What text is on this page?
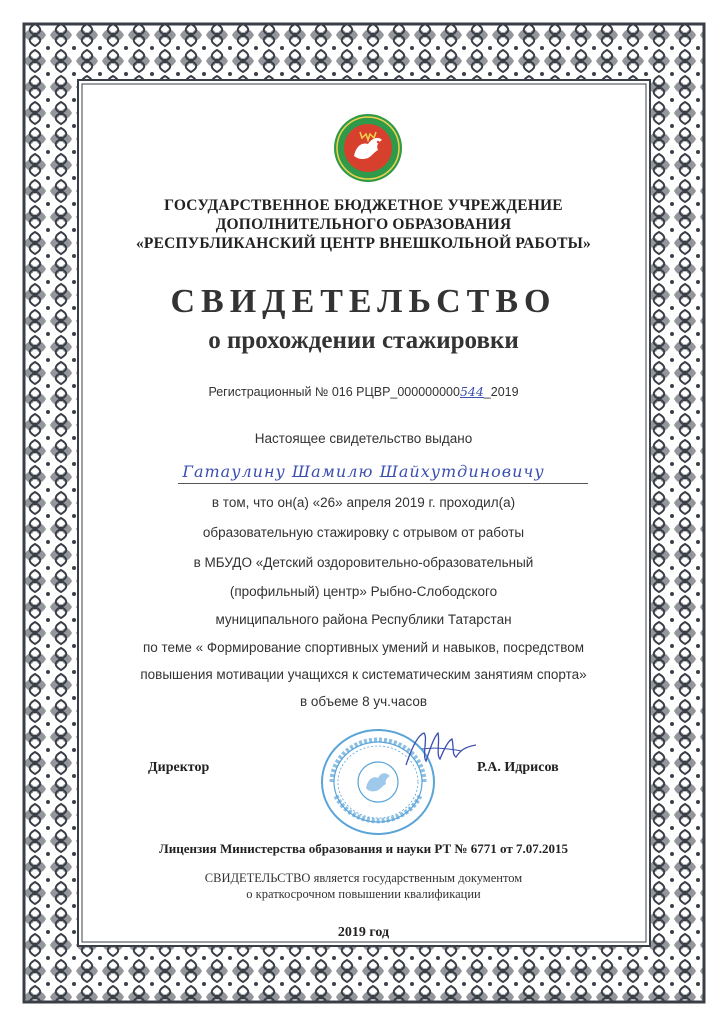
ГОСУДАРСТВЕННОЕ БЮДЖЕТНОЕ УЧРЕЖДЕНИЕ
ДОПОЛНИТЕЛЬНОГО ОБРАЗОВАНИЯ
«РЕСПУБЛИКАНСКИЙ ЦЕНТР ВНЕШКОЛЬНОЙ РАБОТЫ»
СВИДЕТЕЛЬСТВО
о прохождении стажировки
Регистрационный № 016 РЦВР_000000000544_2019
Настоящее свидетельство выдано
Гатаулину Шамилю Шайхутдиновичу
в том, что он(а) «26» апреля 2019 г. проходил(а)
образовательную стажировку с отрывом от работы
в МБУДО «Детский оздоровительно-образовательный
(профильный) центр» Рыбно-Слободского
муниципального района Республики Татарстан
по теме « Формирование спортивных умений и навыков, посредством
повышения мотивации учащихся к систематическим занятиям спорта»
в объеме 8 уч.часов
Директор	Р.А. Идрисов
Лицензия Министерства образования и науки РТ № 6771 от 7.07.2015
СВИДЕТЕЛЬСТВО является государственным документом
о краткосрочном повышении квалификации
2019 год
